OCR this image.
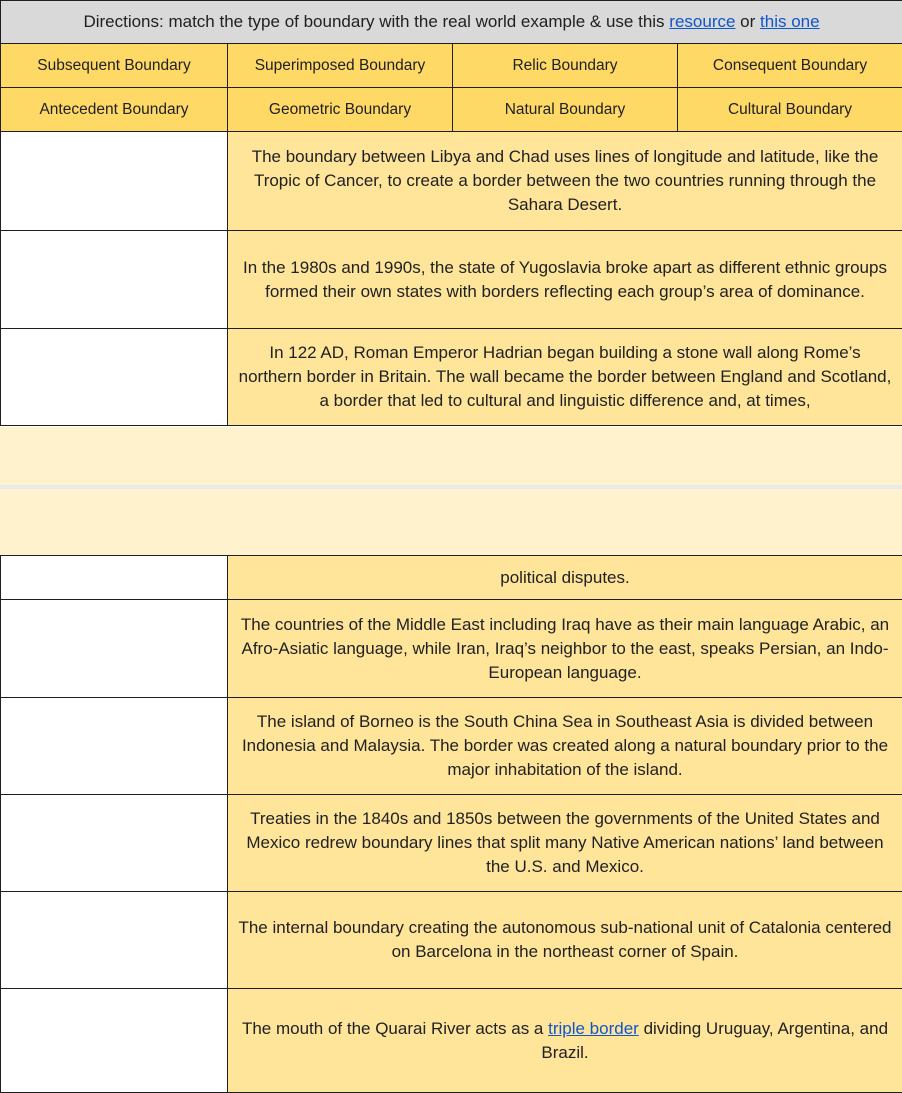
Directions: match the type of boundary with the real world example & use this resource or this one			
Subsequent Boundary	Superimposed Boundary	Relic Boundary	Consequent Boundary
Antecedent Boundary	Geometric Boundary	Natural Boundary	Cultural Boundary
	The boundary between Libya and Chad uses lines of longitude and latitude, like the Tropic of Cancer, to create a border between the two countries running through the Sahara Desert.		
	In the 1980s and 1990s, the state of Yugoslavia broke apart as different ethnic groups formed their own states with borders reflecting each group’s area of dominance.		
	In 122 AD, Roman Emperor Hadrian began building a stone wall along Rome’s northern border in Britain. The wall became the border between England and Scotland, a border that led to cultural and linguistic difference and, at times,		
	political disputes.
	The countries of the Middle East including Iraq have as their main language Arabic, an Afro-Asiatic language, while Iran, Iraq’s neighbor to the east, speaks Persian, an Indo-European language.
	The island of Borneo is the South China Sea in Southeast Asia is divided between Indonesia and Malaysia. The border was created along a natural boundary prior to the major inhabitation of the island.
	Treaties in the 1840s and 1850s between the governments of the United States and Mexico redrew boundary lines that split many Native American nations’ land between the U.S. and Mexico.
	The internal boundary creating the autonomous sub-national unit of Catalonia centered on Barcelona in the northeast corner of Spain.
	The mouth of the Quarai River acts as a triple border dividing Uruguay, Argentina, and Brazil.
